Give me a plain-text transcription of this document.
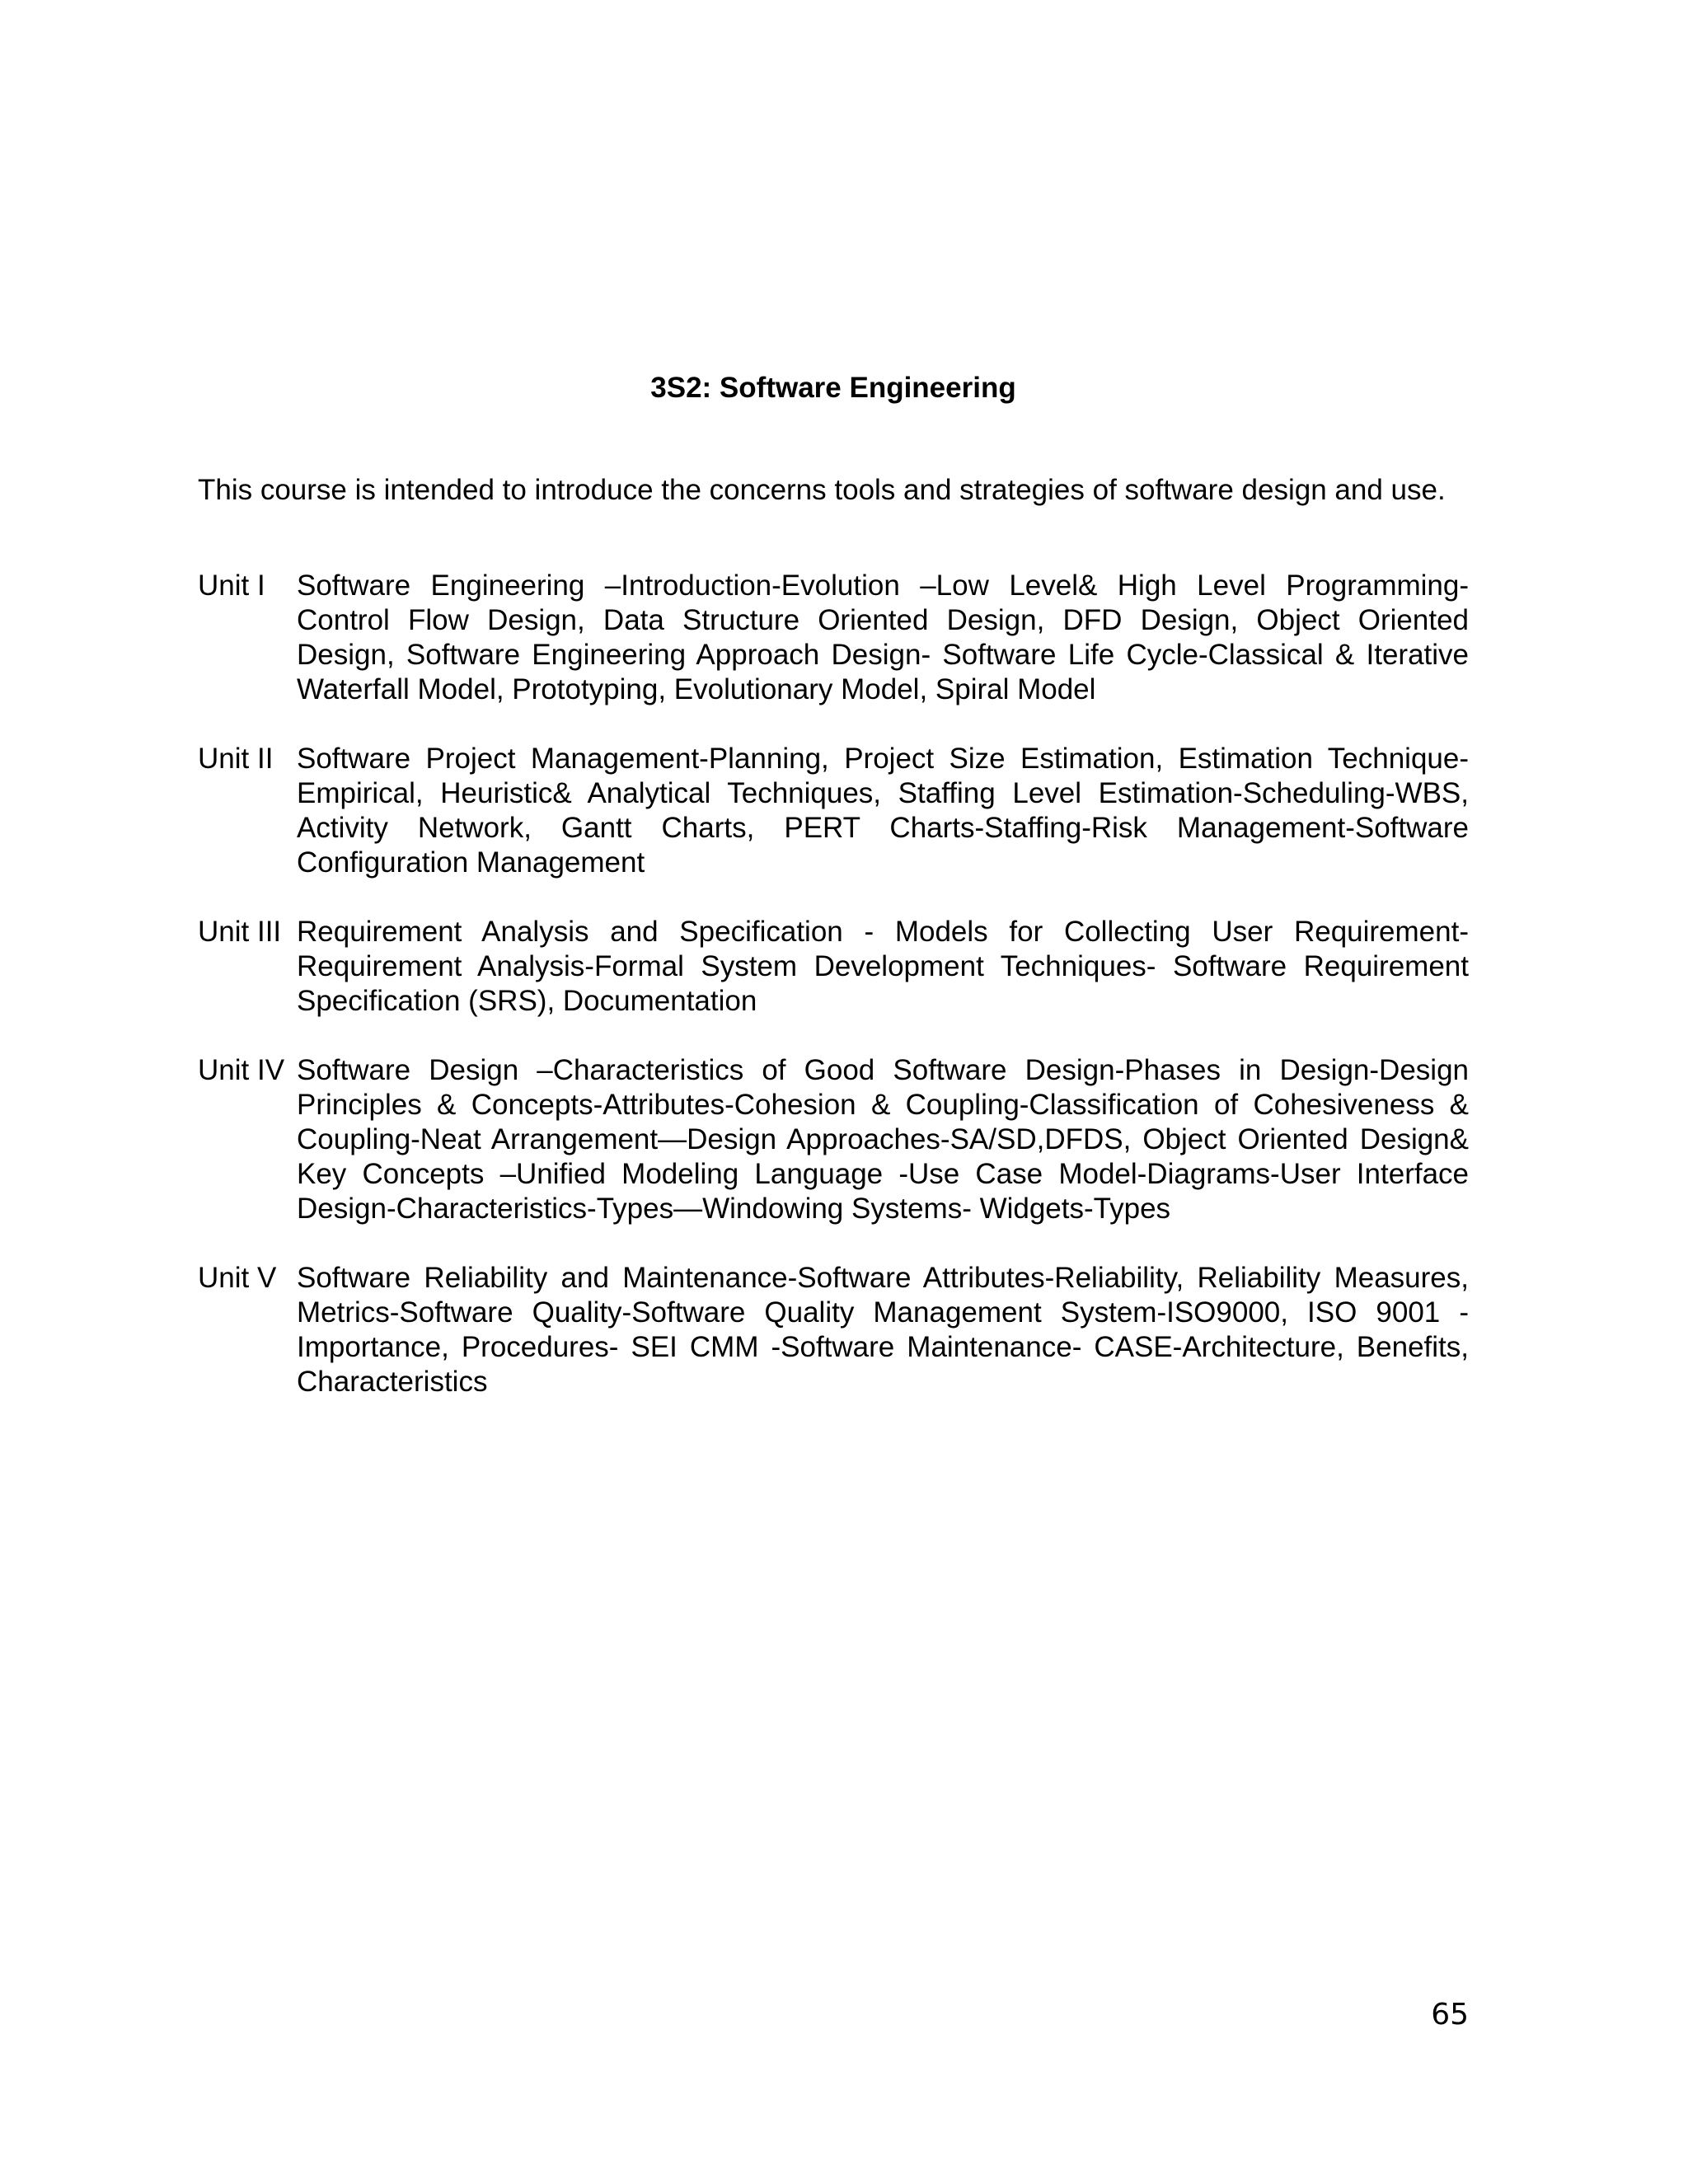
3S2: Software Engineering

This course is intended to introduce the concerns tools and strategies of software design and use.

Unit I	Software Engineering –Introduction-Evolution –Low Level& High Level Programming-Control Flow Design, Data Structure Oriented Design, DFD Design, Object Oriented Design, Software Engineering Approach Design- Software Life Cycle-Classical & Iterative Waterfall Model, Prototyping, Evolutionary Model, Spiral Model
Unit II Software Project Management-Planning, Project Size Estimation, Estimation Technique-Empirical, Heuristic& Analytical Techniques, Staffing Level Estimation-Scheduling-WBS, Activity Network, Gantt Charts, PERT Charts-Staffing-Risk Management-Software Configuration Management
Unit III Requirement Analysis and Specification - Models for Collecting User Requirement-Requirement Analysis-Formal System Development Techniques- Software Requirement Specification (SRS), Documentation
Unit IV Software Design –Characteristics of Good Software Design-Phases in Design-Design Principles & Concepts-Attributes-Cohesion & Coupling-Classification of Cohesiveness & Coupling-Neat Arrangement—Design Approaches-SA/SD,DFDS, Object Oriented Design& Key Concepts –Unified Modeling Language -Use Case Model-Diagrams-User Interface Design-Characteristics-Types—Windowing Systems- Widgets-Types
Unit V Software Reliability and Maintenance-Software Attributes-Reliability, Reliability Measures, Metrics-Software Quality-Software Quality Management System-ISO9000, ISO 9001 -Importance, Procedures- SEI CMM -Software Maintenance- CASE-Architecture, Benefits, Characteristics
65
